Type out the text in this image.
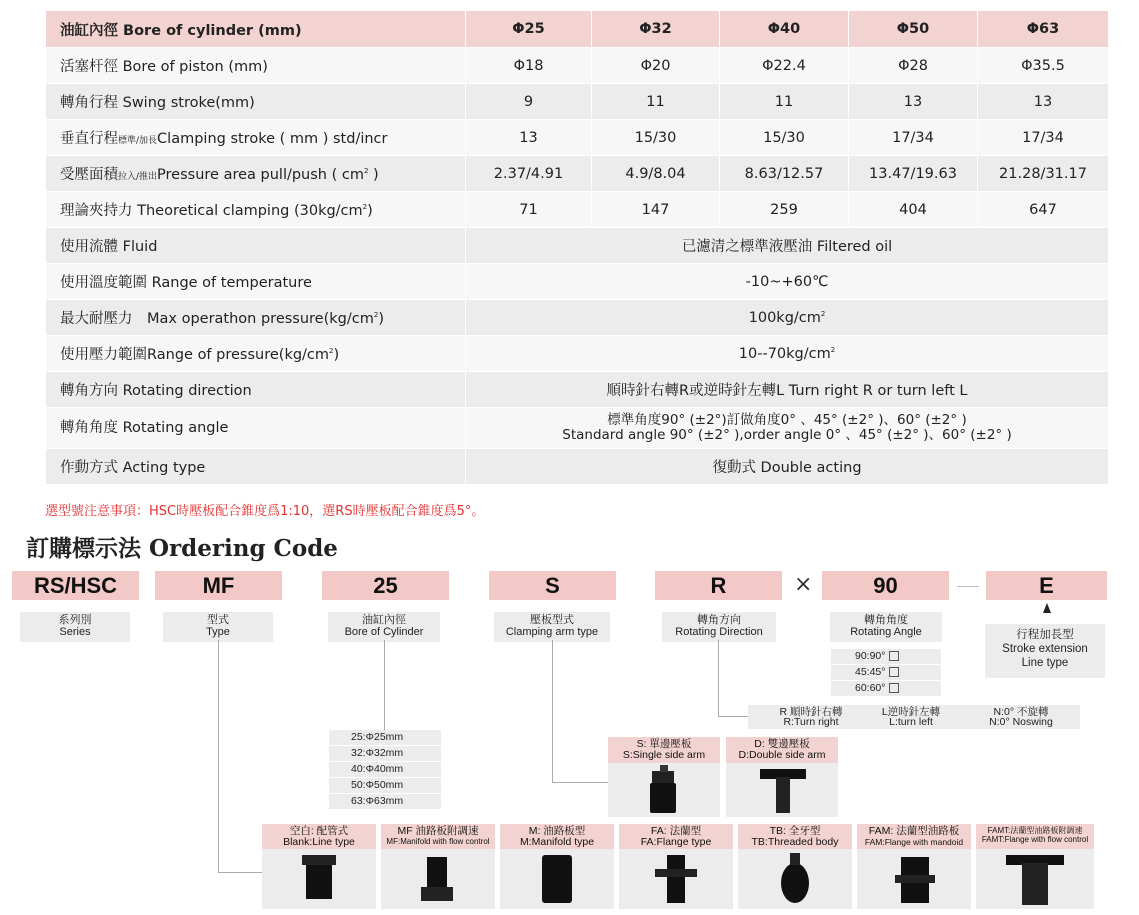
油缸內徑 Bore of cylinder (mm)	Φ25	Φ32	Φ40	Φ50	Φ63
活塞杆徑 Bore of piston (mm)	Φ18	Φ20	Φ22.4	Φ28	Φ35.5
轉角行程 Swing stroke(mm)	9	11	11	13	13
垂直行程標準/加長Clamping stroke ( mm ) std/incr	13	15/30	15/30	17/34	17/34
受壓面積拉入/推出Pressure area pull/push ( $cm^2$ )	2.37/4.91	4.9/8.04	8.63/12.57	13.47/19.63	21.28/31.17
理論夾持力 Theoretical clamping $(30kg/cm^2)$	71	147	259	404	647
使用流體 Fluid	已濾清之標準液壓油 Filtered oil				
使用溫度範圍 Range of temperature	-10~+60℃				
最大耐壓力　Max operathon $pressure(kg/cm^2)$	$100kg/cm^2$
使用壓力範圍Range of $pressure(kg/cm^2)$	$10--70kg/cm^2$
轉角方向 Rotating direction	順時針右轉R或逆時針左轉L Turn right R or turn left L				
轉角角度 Rotating angle	標準角度90° (±2°)訂做角度0° 、45° (±2° )、60° (±2° )
Standard angle 90° (±2° ),order angle 0° 、45° (±2° )、60° (±2° )				

作動方式 Acting type	復動式 Double acting				
選型號注意事項：HSC時壓板配合錐度爲1:10，選RS時壓板配合錐度爲5°。
訂購標示法 Ordering Code
RS/HSC	MF	25	S	R	×	90	E
系列別
Series
型式
Type
油缸內徑
Bore of Cylinder
壓板型式
Clamping arm type
轉角方向
Rotating Direction
轉角角度
Rotating Angle	行程加長型
Stroke extension
Line type
90:90°
45:45°
60:60°
R 順時針右轉
R:Turn right
L逆時針左轉
L:turn left
N:0° 不旋轉
N:0° Noswing
25:Φ25mm
32:Φ32mm
40:Φ40mm
50:Φ50mm
63:Φ63mm
S: 單邊壓板
S:Single side arm
D: 雙邊壓板
D:Double side arm
空白: 配管式
Blank:Line type
MF 油路板附調速
MF:Manifold with flow control
M: 油路板型
M:Manifold type
FA: 法蘭型
FA:Flange type
TB: 全牙型
TB:Threaded body
FAM: 法蘭型油路板
FAM:Flange with mandoid
FAMT:法蘭型油路板附調速
FAMT:Flange with flow control
